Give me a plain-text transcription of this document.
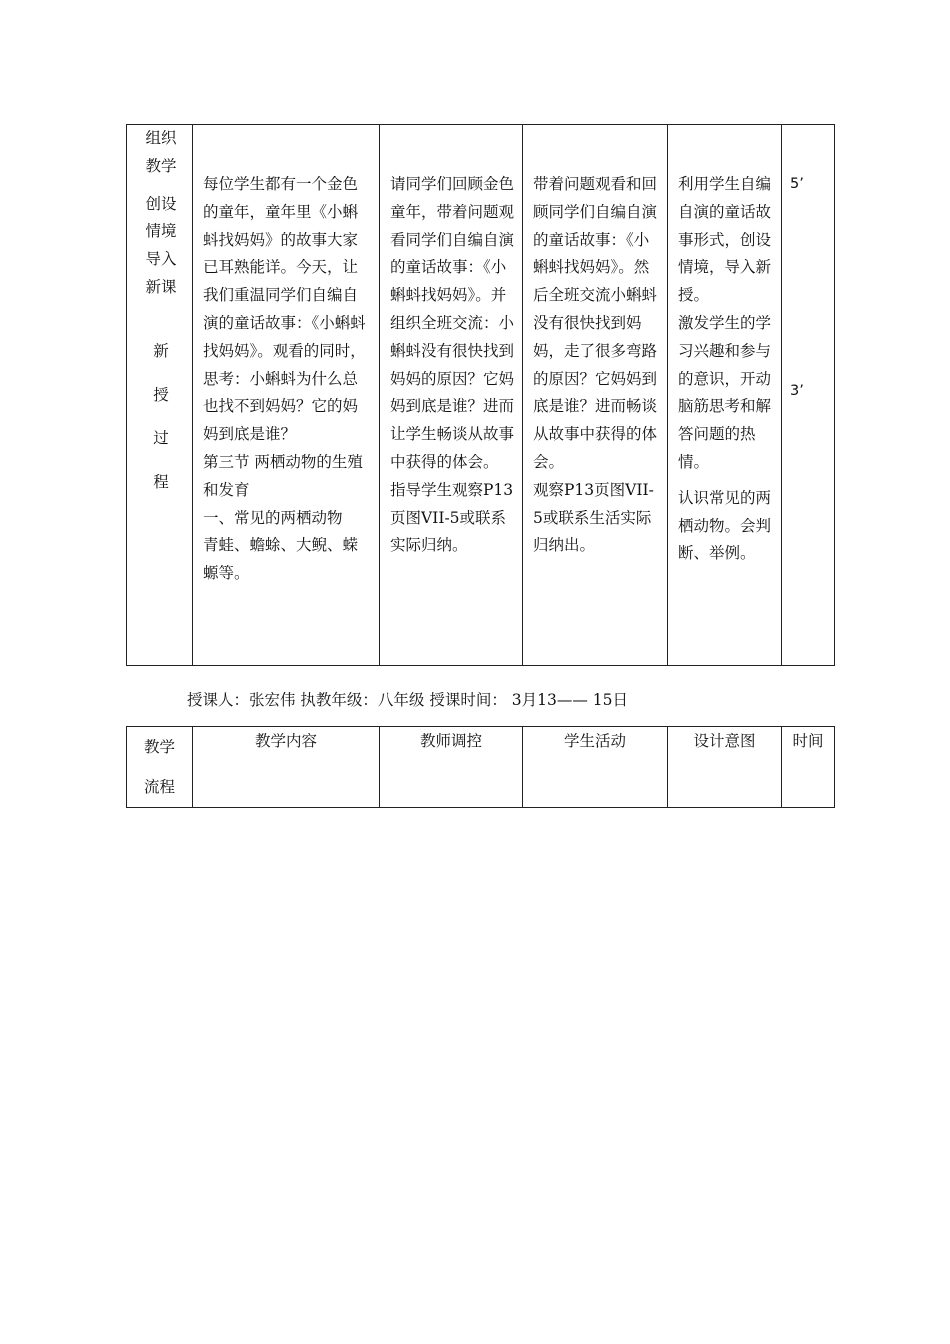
组织
教学
创设
情境
导入
新课
新
授
过
程

每位学生都有一个金色的童年，童年里《小蝌蚪找妈妈》的故事大家已耳熟能详。今天，让我们重温同学们自编自演的童话故事：《小蝌蚪找妈妈》。观看的同时，思考：小蝌蚪为什么总也找不到妈妈？它的妈妈到底是谁？
第三节 两栖动物的生殖和发育
一、常见的两栖动物
青蛙、蟾蜍、大鲵、蝾螈等。

请同学们回顾金色童年，带着问题观看同学们自编自演的童话故事：《小蝌蚪找妈妈》。并组织全班交流：小蝌蚪没有很快找到妈妈的原因？它妈妈到底是谁？进而让学生畅谈从故事中获得的体会。
指导学生观察P13页图VII-5或联系实际归纳。

带着问题观看和回顾同学们自编自演的童话故事：《小蝌蚪找妈妈》。然后全班交流小蝌蚪没有很快找到妈妈，走了很多弯路的原因？它妈妈到底是谁？进而畅谈从故事中获得的体会。
观察P13页图VII-5或联系生活实际归纳出。

利用学生自编自演的童话故事形式，创设情境，导入新授。
激发学生的学习兴趣和参与的意识，开动脑筋思考和解答问题的热情。
认识常见的两栖动物。会判断、举例。

5’
3’
授课人：张宏伟 执教年级：八年级 授课时间： 3月13—— 15日
教学
流程
	教学内容	教师调控	学生活动	设计意图	时间
